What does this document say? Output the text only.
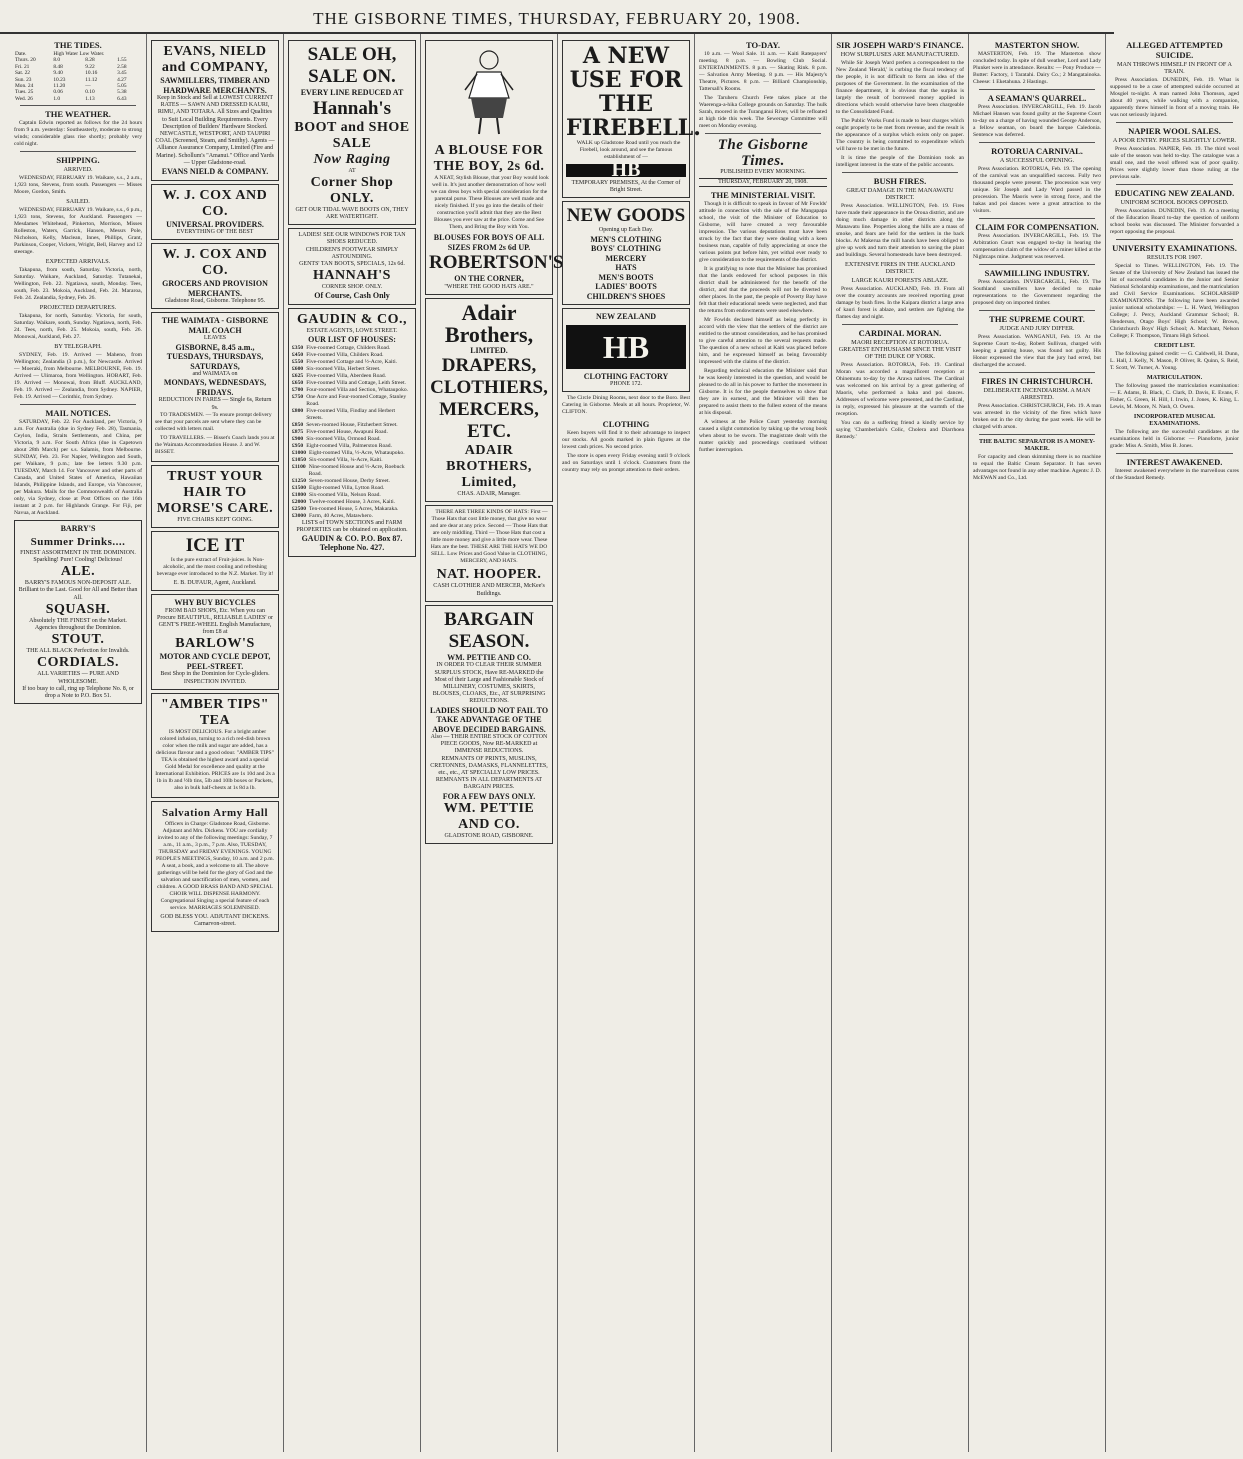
THE GISBORNE TIMES, THURSDAY, FEBRUARY 20, 1908.
THE TIDES.
Date.	High Water Low Water.		
Thurs. 20	8.0	8.28	1.55
Fri. 21	8.48	9.22	2.58
Sat. 22	9.40	10.16	3.45
Sun. 23	10.23	11.12	4.27
Mon. 24	11.20	—	5.05
Tues. 25	0.06	0.10	5.38
Wed. 26	1.0	1.13	6.43
THE WEATHER.
Captain Edwin reported as follows for the 24 hours from 9 a.m. yesterday: Southeasterly, moderate to strong winds; considerable glass rise shortly; probably very cold night.
SHIPPING.
ARRIVED.
WEDNESDAY, FEBRUARY 19. Waikare, s.s., 2 a.m., 1,923 tons, Stevens, from south. Passengers — Misses Moore, Gordon, Smith.
SAILED.
WEDNESDAY, FEBRUARY 19. Waikare, s.s., 6 p.m., 1,923 tons, Stevens, for Auckland. Passengers — Mesdames Whitehead, Pinkerton, Morrison, Misses Rolleston, Waters, Garrick, Hansen, Messrs Pole, Nicholson, Kelly, Maclean, Innes, Phillips, Grant, Parkinson, Cooper, Vickers, Wright, Bell, Harvey and 12 steerage.
EXPECTED ARRIVALS.
Takapuna, from south, Saturday. Victoria, north, Saturday. Waikare, Auckland, Saturday. Tutanekai, Wellington, Feb. 22. Ngatiawa, south, Monday. Tees, south, Feb. 23. Mokoia, Auckland, Feb. 24. Mararoa, Feb. 24. Zealandia, Sydney, Feb. 26.
PROJECTED DEPARTURES.
Takapuna, for north, Saturday. Victoria, for south, Saturday. Waikare, south, Sunday. Ngatiawa, north, Feb. 24. Tees, north, Feb. 25. Mokoia, south, Feb. 26. Monowai, Auckland, Feb. 27.
BY TELEGRAPH.
SYDNEY, Feb. 19. Arrived — Maheno, from Wellington; Zealandia (3 p.m.), for Newcastle. Arrived — Moeraki, from Melbourne. MELBOURNE, Feb. 19. Arrived — Ulimaroa, from Wellington. HOBART, Feb. 19. Arrived — Monowai, from Bluff. AUCKLAND, Feb. 19. Arrived — Zealandia, from Sydney. NAPIER, Feb. 19. Arrived — Corinthic, from Sydney.
MAIL NOTICES.
SATURDAY, Feb. 22. For Auckland, per Victoria, 9 a.m. For Australia (due in Sydney Feb. 28), Tasmania, Ceylon, India, Straits Settlements, and China, per Victoria, 9 a.m. For South Africa (due in Capetown about 28th March) per s.s. Salamis, from Melbourne. SUNDAY, Feb. 23. For Napier, Wellington and South, per Waikare, 9 p.m.; late fee letters 9.30 p.m. TUESDAY, March 14. For Vancouver and other parts of Canada, and United States of America, Hawaiian Islands, Philippine Islands, and Europe, via Vancouver, per Makura. Mails for the Commonwealth of Australia only, via Sydney, close at Post Offices on the 16th instant at 2 p.m. for Highlands Grange. For Fiji, per Navua, at Auckland.
BARRY'S
Summer Drinks....
FINEST ASSORTMENT IN THE DOMINION.
Sparkling! Pure! Cooling! Delicious!
ALE.
BARRY'S FAMOUS NON-DEPOSIT ALE. Brilliant to the Last. Good for All and Better than All.
SQUASH.
Absolutely THE FINEST on the Market. Agencies throughout the Dominion.
STOUT.
THE ALL BLACK Perfection for Invalids.
CORDIALS.
ALL VARIETIES — PURE AND WHOLESOME.
If too busy to call, ring up Telephone No. 8, or drop a Note to P.O. Box 51.
EVANS, NIELD and COMPANY,
SAWMILLERS, TIMBER AND HARDWARE MERCHANTS.
Keep in Stock and Sell at LOWEST CURRENT RATES — SAWN AND DRESSED KAURI, RIMU, AND TOTARA. All Sizes and Qualities to Suit Local Building Requirements. Every Description of Builders' Hardware Stocked. NEWCASTLE, WESTPORT, AND TAUPIRI COAL (Screened, Steam, and Smithy). Agents — Alliance Assurance Company, Limited (Fire and Marine). Schollum's "Amanui." Office and Yards — Upper Gladstone-road.
EVANS NIELD & COMPANY.
W. J. COX AND CO.
UNIVERSAL PROVIDERS.
EVERYTHING OF THE BEST
W. J. COX AND CO.
GROCERS AND PROVISION MERCHANTS.
Gladstone Road, Gisborne. Telephone 95.
THE WAIMATA - GISBORNE MAIL COACH
LEAVES
GISBORNE, 8.45 a.m.,
TUESDAYS, THURSDAYS, SATURDAYS,
and WAIMATA on
MONDAYS, WEDNESDAYS, FRIDAYS.
REDUCTION IN FARES — Single 6s, Return 9s.
TO TRADESMEN. — To ensure prompt delivery see that your parcels are sent where they can be collected with letters mail.
TO TRAVELLERS. — Bisset's Coach lands you at the Waimata Accommodation House. J. and W. BISSET.
TRUST YOUR HAIR TO MORSE'S CARE.
FIVE CHAIRS KEPT GOING.
ICE IT
Is the pure extract of Fruit-juices. Is Non-alcoholic, and the most cooling and refreshing beverage ever introduced to the N.Z. Market. Try it!
E. B. DUFAUR, Agent, Auckland.
WHY BUY BICYCLES
FROM BAD SHOPS, Etc. When you can Procure BEAUTIFUL, RELIABLE LADIES' or GENT'S FREE-WHEEL English Manufacture, from £8 at
BARLOW'S
MOTOR AND CYCLE DEPOT, PEEL-STREET.
Best Shop in the Dominion for Cycle-gliders. INSPECTION INVITED.
"AMBER TIPS" TEA
IS MOST DELICIOUS. For a bright amber colored infusion, turning to a rich red-dish brown color when the milk and sugar are added, has a delicious flavour and a good odour. "AMBER TIPS" TEA is obtained the highest award and a special Gold Medal for excellence and quality at the International Exhibition. PRICES are 1s 10d and 2s a lb in lb and ½lb tins, 5lb and 10lb boxes or Packets, also in bulk half-chests at 1s 8d a lb.
Salvation Army Hall
Officers in Charge: Gladstone Road, Gisborne. Adjutant and Mrs. Dickens. YOU are cordially invited to any of the following meetings: Sunday, 7 a.m., 11 a.m., 3 p.m., 7 p.m. Also, TUESDAY, THURSDAY and FRIDAY EVENINGS. YOUNG PEOPLE'S MEETINGS, Sunday, 10 a.m. and 2 p.m. A seat, a book, and a welcome to all. The above gatherings will be held for the glory of God and the salvation and sanctification of men, women, and children. A GOOD BRASS BAND AND SPECIAL CHOIR WILL DISPENSE HARMONY. Congregational Singing a special feature of each service. MARRIAGES SOLEMNISED.
GOD BLESS YOU. ADJUTANT DICKENS. Carnarvon-street.
SALE OH, SALE ON.
EVERY LINE REDUCED AT
Hannah's
BOOT and SHOE SALE
Now Raging
AT
Corner Shop ONLY.
GET OUR TIDAL WAVE BOOTS ON, THEY ARE WATERTIGHT.
LADIES! SEE OUR WINDOWS FOR TAN SHOES REDUCED.
CHILDREN'S FOOTWEAR SIMPLY ASTOUNDING.
GENTS' TAN BOOTS, SPECIALS, 12s 6d.
HANNAH'S
CORNER SHOP. ONLY.
Of Course, Cash Only
GAUDIN & CO.,
ESTATE AGENTS, LOWE STREET.
OUR LIST OF HOUSES:
£350 Five-roomed Cottage, Childers Road.
£450 Five-roomed Villa, Childers Road.
£550 Five-roomed Cottage and ½-Acre, Kaiti.
£600 Six-roomed Villa, Herbert Street.
£625 Five-roomed Villa, Aberdeen Road.
£650 Five-roomed Villa and Cottage, Leith Street.
£700 Four-roomed Villa and Section, Whataupoko.
£750 One Acre and Four-roomed Cottage, Stanley Road.
£800 Five-roomed Villa, Findlay and Herbert Streets.
£850 Seven-roomed House, Fitzherbert Street.
£875 Five-roomed House, Awapuni Road.
£900 Six-roomed Villa, Ormond Road.
£950 Eight-roomed Villa, Palmerston Road.
£1000 Eight-roomed Villa, ½-Acre, Whataupoko.
£1050 Six-roomed Villa, ¼-Acre, Kaiti.
£1100 Nine-roomed House and ½-Acre, Roebuck Road.
£1250 Seven-roomed House, Derby Street.
£1500 Eight-roomed Villa, Lytton Road.
£1800 Six-roomed Villa, Nelson Road.
£2000 Twelve-roomed House, 3 Acres, Kaiti.
£2500 Ten-roomed House, 5 Acres, Makaraka.
£3000 Farm, 40 Acres, Matawhero.
LISTS of TOWN SECTIONS and FARM PROPERTIES can be obtained on application.
GAUDIN & CO. P.O. Box 87. Telephone No. 427.
A BLOUSE FOR THE BOY, 2s 6d.
A NEAT, Stylish Blouse, that your Boy would look well in. It's just another demonstration of how well we can dress boys with special consideration for the parental purse. These Blouses are well made and nicely finished. If you go into the details of their construction you'll admit that they are the Best Blouses you ever saw at the price. Come and See Them, and Bring the Boy with You.
BLOUSES FOR BOYS OF ALL SIZES FROM 2s 6d UP.
ROBERTSON'S
ON THE CORNER,
"WHERE THE GOOD HATS ARE."
Adair Brothers,
LIMITED.
DRAPERS,
CLOTHIERS,
MERCERS,
ETC.
ADAIR BROTHERS, Limited,
CHAS. ADAIR, Manager.
THERE ARE THREE KINDS OF HATS: First — Those Hats that cost little money, that give no wear and are dear at any price. Second — Those Hats that are only middling. Third — Those Hats that cost a little more money and give a little more wear. These Hats are the best. THESE ARE THE HATS WE DO SELL. Low Prices and Good Value in CLOTHING, MERCERY, AND HATS.
NAT. HOOPER.
CASH CLOTHIER AND MERCER, McKee's Buildings.
BARGAIN SEASON.
WM. PETTIE AND CO.
IN ORDER TO CLEAR THEIR SUMMER SURPLUS STOCK, Have RE-MARKED the Most of their Large and Fashionable Stock of MILLINERY, COSTUMES, SKIRTS, BLOUSES, CLOAKS, Etc., AT SURPRISING REDUCTIONS.
LADIES SHOULD NOT FAIL TO TAKE ADVANTAGE OF THE ABOVE DECIDED BARGAINS.
Also — THEIR ENTIRE STOCK OF COTTON PIECE GOODS, Now RE-MARKED at IMMENSE REDUCTIONS.
REMNANTS OF PRINTS, MUSLINS, CRETONNES, DAMASKS, FLANNELETTES, etc., etc., AT SPECIALLY LOW PRICES. REMNANTS IN ALL DEPARTMENTS AT BARGAIN PRICES.
FOR A FEW DAYS ONLY.
WM. PETTIE AND CO.
GLADSTONE ROAD, GISBORNE.
A NEW USE FOR THE FIREBELL.
WALK up Gladstone Road until you reach the Firebell, look around, and see the famous establishment of —
HB
TEMPORARY PREMISES, At the Corner of Bright Street.
NEW GOODS
Opening up Each Day.
MEN'S CLOTHING
BOYS' CLOTHING
MERCERY
HATS
MEN'S BOOTS
LADIES' BOOTS
CHILDREN'S SHOES
NEW ZEALAND
HB
CLOTHING FACTORY
PHONE 172.
The Circle Dining Rooms, next door to the Boro. Best Catering in Gisborne. Meals at all hours. Proprietor, W. CLIFTON.
CLOTHING
Keen buyers will find it to their advantage to inspect our stocks. All goods marked in plain figures at the lowest cash prices. No second price.
The store is open every Friday evening until 9 o'clock and on Saturdays until 1 o'clock. Customers from the country may rely on prompt attention to their orders.
TO-DAY.
10 a.m. — Wool Sale. 11 a.m. — Kaiti Ratepayers' meeting. 8 p.m. — Bowling Club Social. ENTERTAINMENTS. 8 p.m. — Skating Rink. 8 p.m. — Salvation Army Meeting. 8 p.m. — His Majesty's Theatre, Pictures. 8 p.m. — Billiard Championship, Tattersall's Rooms.
The Taruheru Church Fete takes place at the Waerenga-a-hika College grounds on Saturday. The hulk Sarah, moored in the Turanganui River, will be refloated at high tide this week. The Sewerage Committee will meet on Monday evening.
The Gisborne Times.
PUBLISHED EVERY MORNING.
THURSDAY, FEBRUARY 20, 1908.
THE MINISTERIAL VISIT.
Though it is difficult to speak in favour of Mr Fowlds' attitude in connection with the sale of the Mangapapa school, the visit of the Minister of Education to Gisborne, will have created a very favourable impression. The various deputations must have been struck by the fact that they were dealing with a keen business man, capable of fully appreciating at once the various points put before him, yet withal ever ready to give consideration to the requirements of the district.
It is gratifying to note that the Minister has promised that the lands endowed for school purposes in this district shall be administered for the benefit of the district, and that the proceeds will not be diverted to other places. In the past, the people of Poverty Bay have felt that their educational needs were neglected, and that the returns from endowments were used elsewhere.
Mr Fowlds declared himself as being perfectly in accord with the view that the settlers of the district are entitled to the utmost consideration, and he has promised to give careful attention to the several requests made. The question of a new school at Kaiti was placed before him, and he expressed himself as being favourably impressed with the claims of the district.
Regarding technical education the Minister said that he was keenly interested in the question, and would be pleased to do all in his power to further the movement in Gisborne. It is for the people themselves to show that they are in earnest, and the Minister will then be prepared to assist them to the fullest extent of the means at his disposal.
A witness at the Police Court yesterday morning caused a slight commotion by taking up the wrong book when about to be sworn. The magistrate dealt with the matter quickly and proceedings continued without further interruption.
SIR JOSEPH WARD'S FINANCE.
HOW SURPLUSES ARE MANUFACTURED.
While Sir Joseph Ward prefers a correspondent to the New Zealand 'Herald,' is curbing the fiscal tendency of the people, it is not difficult to form an idea of the purposes of the Government. In the examination of the finance department, it is obvious that the surplus is largely the result of borrowed money applied in directions which would otherwise have been chargeable to the Consolidated Fund.
The Public Works Fund is made to bear charges which ought properly to be met from revenue, and the result is the appearance of a surplus which exists only on paper. The country is being committed to expenditure which will have to be met in the future.
It is time the people of the Dominion took an intelligent interest in the state of the public accounts.
BUSH FIRES.
GREAT DAMAGE IN THE MANAWATU DISTRICT.
Press Association. WELLINGTON, Feb. 19. Fires have made their appearance in the Oroua district, and are doing much damage in other districts along the Manawatu line. Properties along the hills are a mass of smoke, and fears are held for the settlers in the back blocks. At Makerua the mill hands have been obliged to give up work and turn their attention to saving the plant and buildings. Several homesteads have been destroyed.
EXTENSIVE FIRES IN THE AUCKLAND DISTRICT.
LARGE KAURI FORESTS ABLAZE.
Press Association. AUCKLAND, Feb. 19. From all over the country accounts are received reporting great damage by bush fires. In the Kaipara district a large area of kauri forest is ablaze, and settlers are fighting the flames day and night.
CARDINAL MORAN.
MAORI RECEPTION AT ROTORUA. GREATEST ENTHUSIASM SINCE THE VISIT OF THE DUKE OF YORK.
Press Association. ROTORUA, Feb. 19. Cardinal Moran was accorded a magnificent reception at Ohinemutu to-day by the Arawa natives. The Cardinal was welcomed on his arrival by a great gathering of Maoris, who performed a haka and poi dances. Addresses of welcome were presented, and the Cardinal, in reply, expressed his pleasure at the warmth of the reception.
You can do a suffering friend a kindly service by saying 'Chamberlain's Colic, Cholera and Diarrhoea Remedy.'
MASTERTON SHOW.
MASTERTON, Feb. 19. The Masterton show concluded today. In spite of dull weather, Lord and Lady Plunket were in attendance. Results: — Pony Produce — Butter: Factory, 1 Taratahi. Dairy Co.; 2 Mangatainoka. Cheese: 1 Eketahuna. 2 Hastings.
A SEAMAN'S QUARREL.
Press Association. INVERCARGILL, Feb. 19. Jacob Michael Hansen was found guilty at the Supreme Court to-day on a charge of having wounded George Anderson, a fellow seaman, on board the barque Caledonia. Sentence was deferred.
ROTORUA CARNIVAL.
A SUCCESSFUL OPENING.
Press Association. ROTORUA, Feb. 19. The opening of the carnival was an unqualified success. Fully two thousand people were present. The procession was very unique. Sir Joseph and Lady Ward passed in the procession. The Maoris were in strong force, and the hakas and poi dances were a great attraction to the visitors.
CLAIM FOR COMPENSATION.
Press Association. INVERCARGILL, Feb. 19. The Arbitration Court was engaged to-day in hearing the compensation claim of the widow of a miner killed at the Nightcaps mine. Judgment was reserved.
SAWMILLING INDUSTRY.
Press Association. INVERCARGILL, Feb. 19. The Southland sawmillers have decided to make representations to the Government regarding the proposed duty on imported timber.
THE SUPREME COURT.
JUDGE AND JURY DIFFER.
Press Association. WANGANUI, Feb. 19. At the Supreme Court to-day, Robert Sullivan, charged with keeping a gaming house, was found not guilty. His Honor expressed the view that the jury had erred, but discharged the accused.
FIRES IN CHRISTCHURCH.
DELIBERATE INCENDIARISM. A MAN ARRESTED.
Press Association. CHRISTCHURCH, Feb. 19. A man was arrested in the vicinity of the fires which have broken out in the city during the past week. He will be charged with arson.
THE BALTIC SEPARATOR IS A MONEY-MAKER.
For capacity and clean skimming there is no machine to equal the Baltic Cream Separator. It has seven advantages not found in any other machine. Agents: J. D. McEWAN and Co., Ltd.
ALLEGED ATTEMPTED SUICIDE.
MAN THROWS HIMSELF IN FRONT OF A TRAIN.
Press Association. DUNEDIN, Feb. 19. What is supposed to be a case of attempted suicide occurred at Mosgiel to-night. A man named John Thomson, aged about 40 years, while walking with a companion, apparently threw himself in front of a moving train. He was not seriously injured.
NAPIER WOOL SALES.
A POOR ENTRY. PRICES SLIGHTLY LOWER.
Press Association. NAPIER, Feb. 19. The third wool sale of the season was held to-day. The catalogue was a small one, and the wool offered was of poor quality. Prices were slightly lower than those ruling at the previous sale.
EDUCATING NEW ZEALAND.
UNIFORM SCHOOL BOOKS OPPOSED.
Press Association. DUNEDIN, Feb. 19. At a meeting of the Education Board to-day the question of uniform school books was discussed. The Minister forwarded a report opposing the proposal.
UNIVERSITY EXAMINATIONS.
RESULTS FOR 1907.
Special to Times. WELLINGTON, Feb. 19. The Senate of the University of New Zealand has issued the list of successful candidates in the Junior and Senior National Scholarship examinations, and the matriculation and Civil Service Examinations. SCHOLARSHIP EXAMINATIONS. The following have been awarded junior national scholarships: — L. H. Ward, Wellington College; J. Percy, Auckland Grammar School; R. Henderson, Otago Boys' High School; W. Brown, Christchurch Boys' High School; A. Marchant, Nelson College; F. Thompson, Timaru High School.
CREDIT LIST.
The following gained credit: — G. Caldwell, H. Dunn, L. Hall, J. Kelly, N. Mason, P. Oliver, R. Quinn, S. Reid, T. Scott, W. Turner, A. Young.
MATRICULATION.
The following passed the matriculation examination: — E. Adams, B. Black, C. Clark, D. Davis, E. Evans, F. Fisher, G. Green, H. Hill, I. Irwin, J. Jones, K. King, L. Lewis, M. Moore, N. Nash, O. Owen.
INCORPORATED MUSICAL EXAMINATIONS.
The following are the successful candidates at the examinations held in Gisborne: — Pianoforte, junior grade: Miss A. Smith, Miss B. Jones.
INTEREST AWAKENED.
Interest awakened everywhere in the marvellous cures of the Standard Remedy.
